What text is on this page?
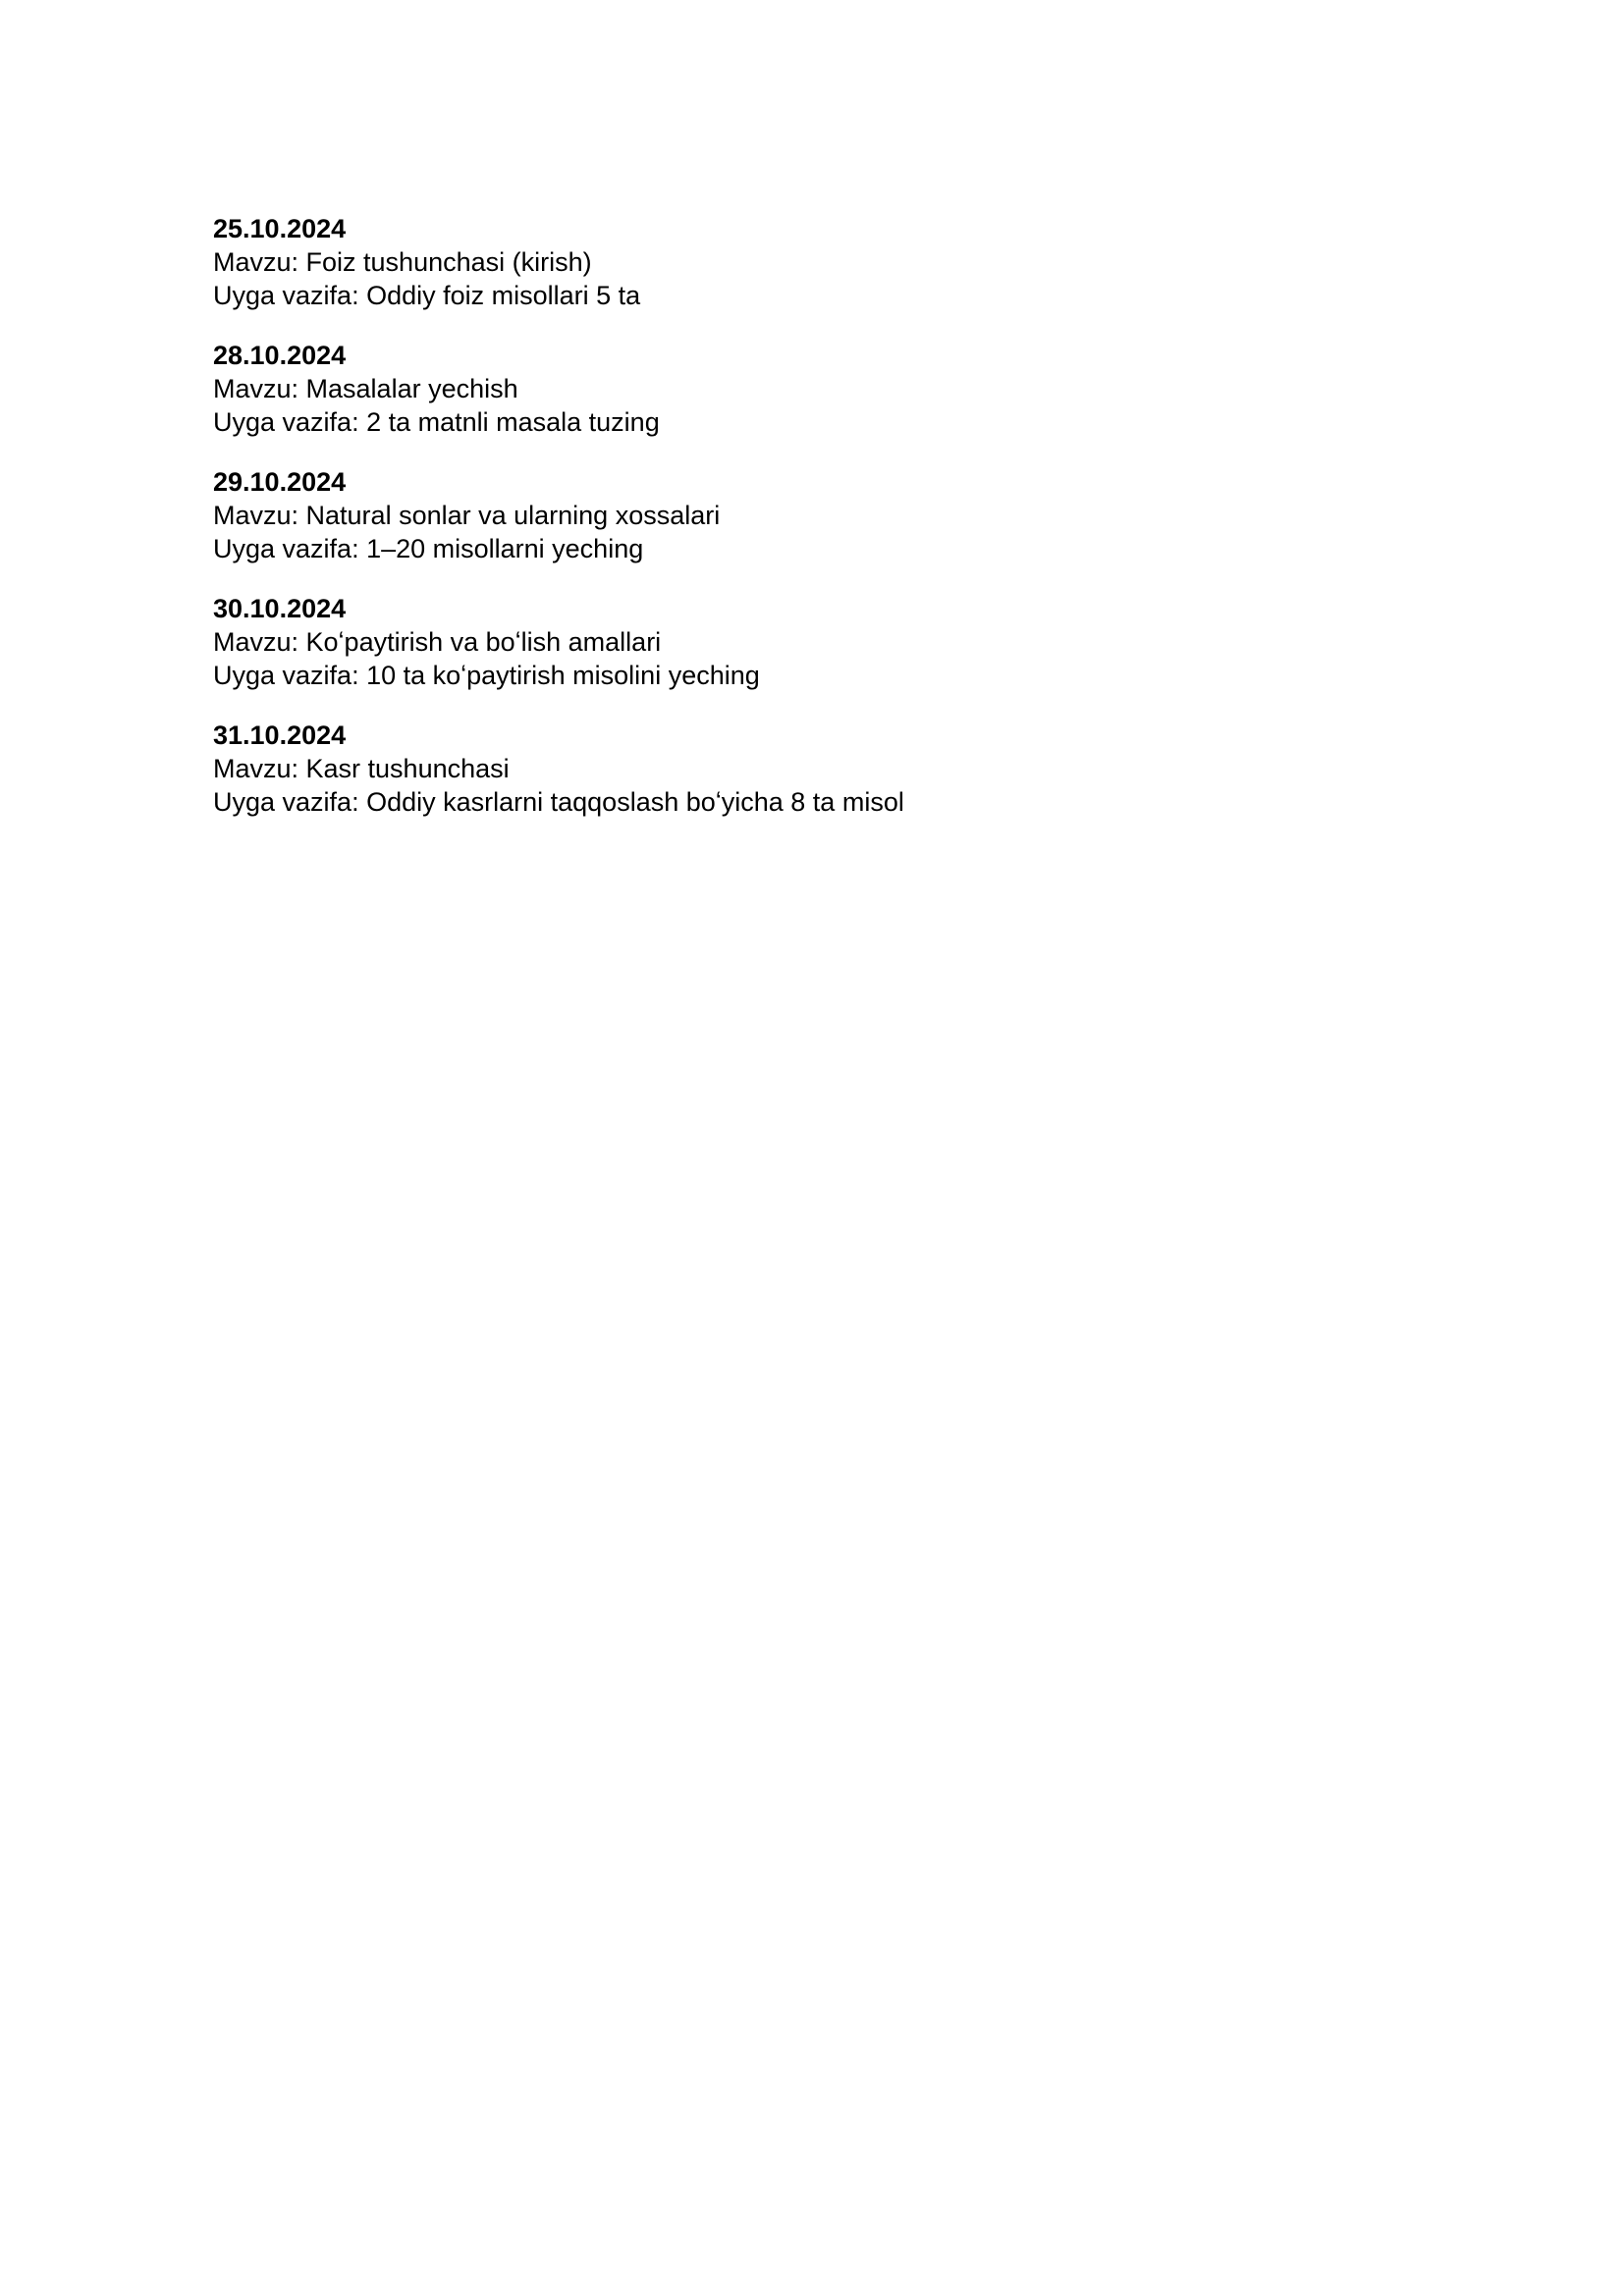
25.10.2024
Mavzu: Foiz tushunchasi (kirish)
Uyga vazifa: Oddiy foiz misollari 5 ta
28.10.2024
Mavzu: Masalalar yechish
Uyga vazifa: 2 ta matnli masala tuzing
29.10.2024
Mavzu: Natural sonlar va ularning xossalari
Uyga vazifa: 1–20 misollarni yeching
30.10.2024
Mavzu: Koʻpaytirish va boʻlish amallari
Uyga vazifa: 10 ta koʻpaytirish misolini yeching
31.10.2024
Mavzu: Kasr tushunchasi
Uyga vazifa: Oddiy kasrlarni taqqoslash boʻyicha 8 ta misol
